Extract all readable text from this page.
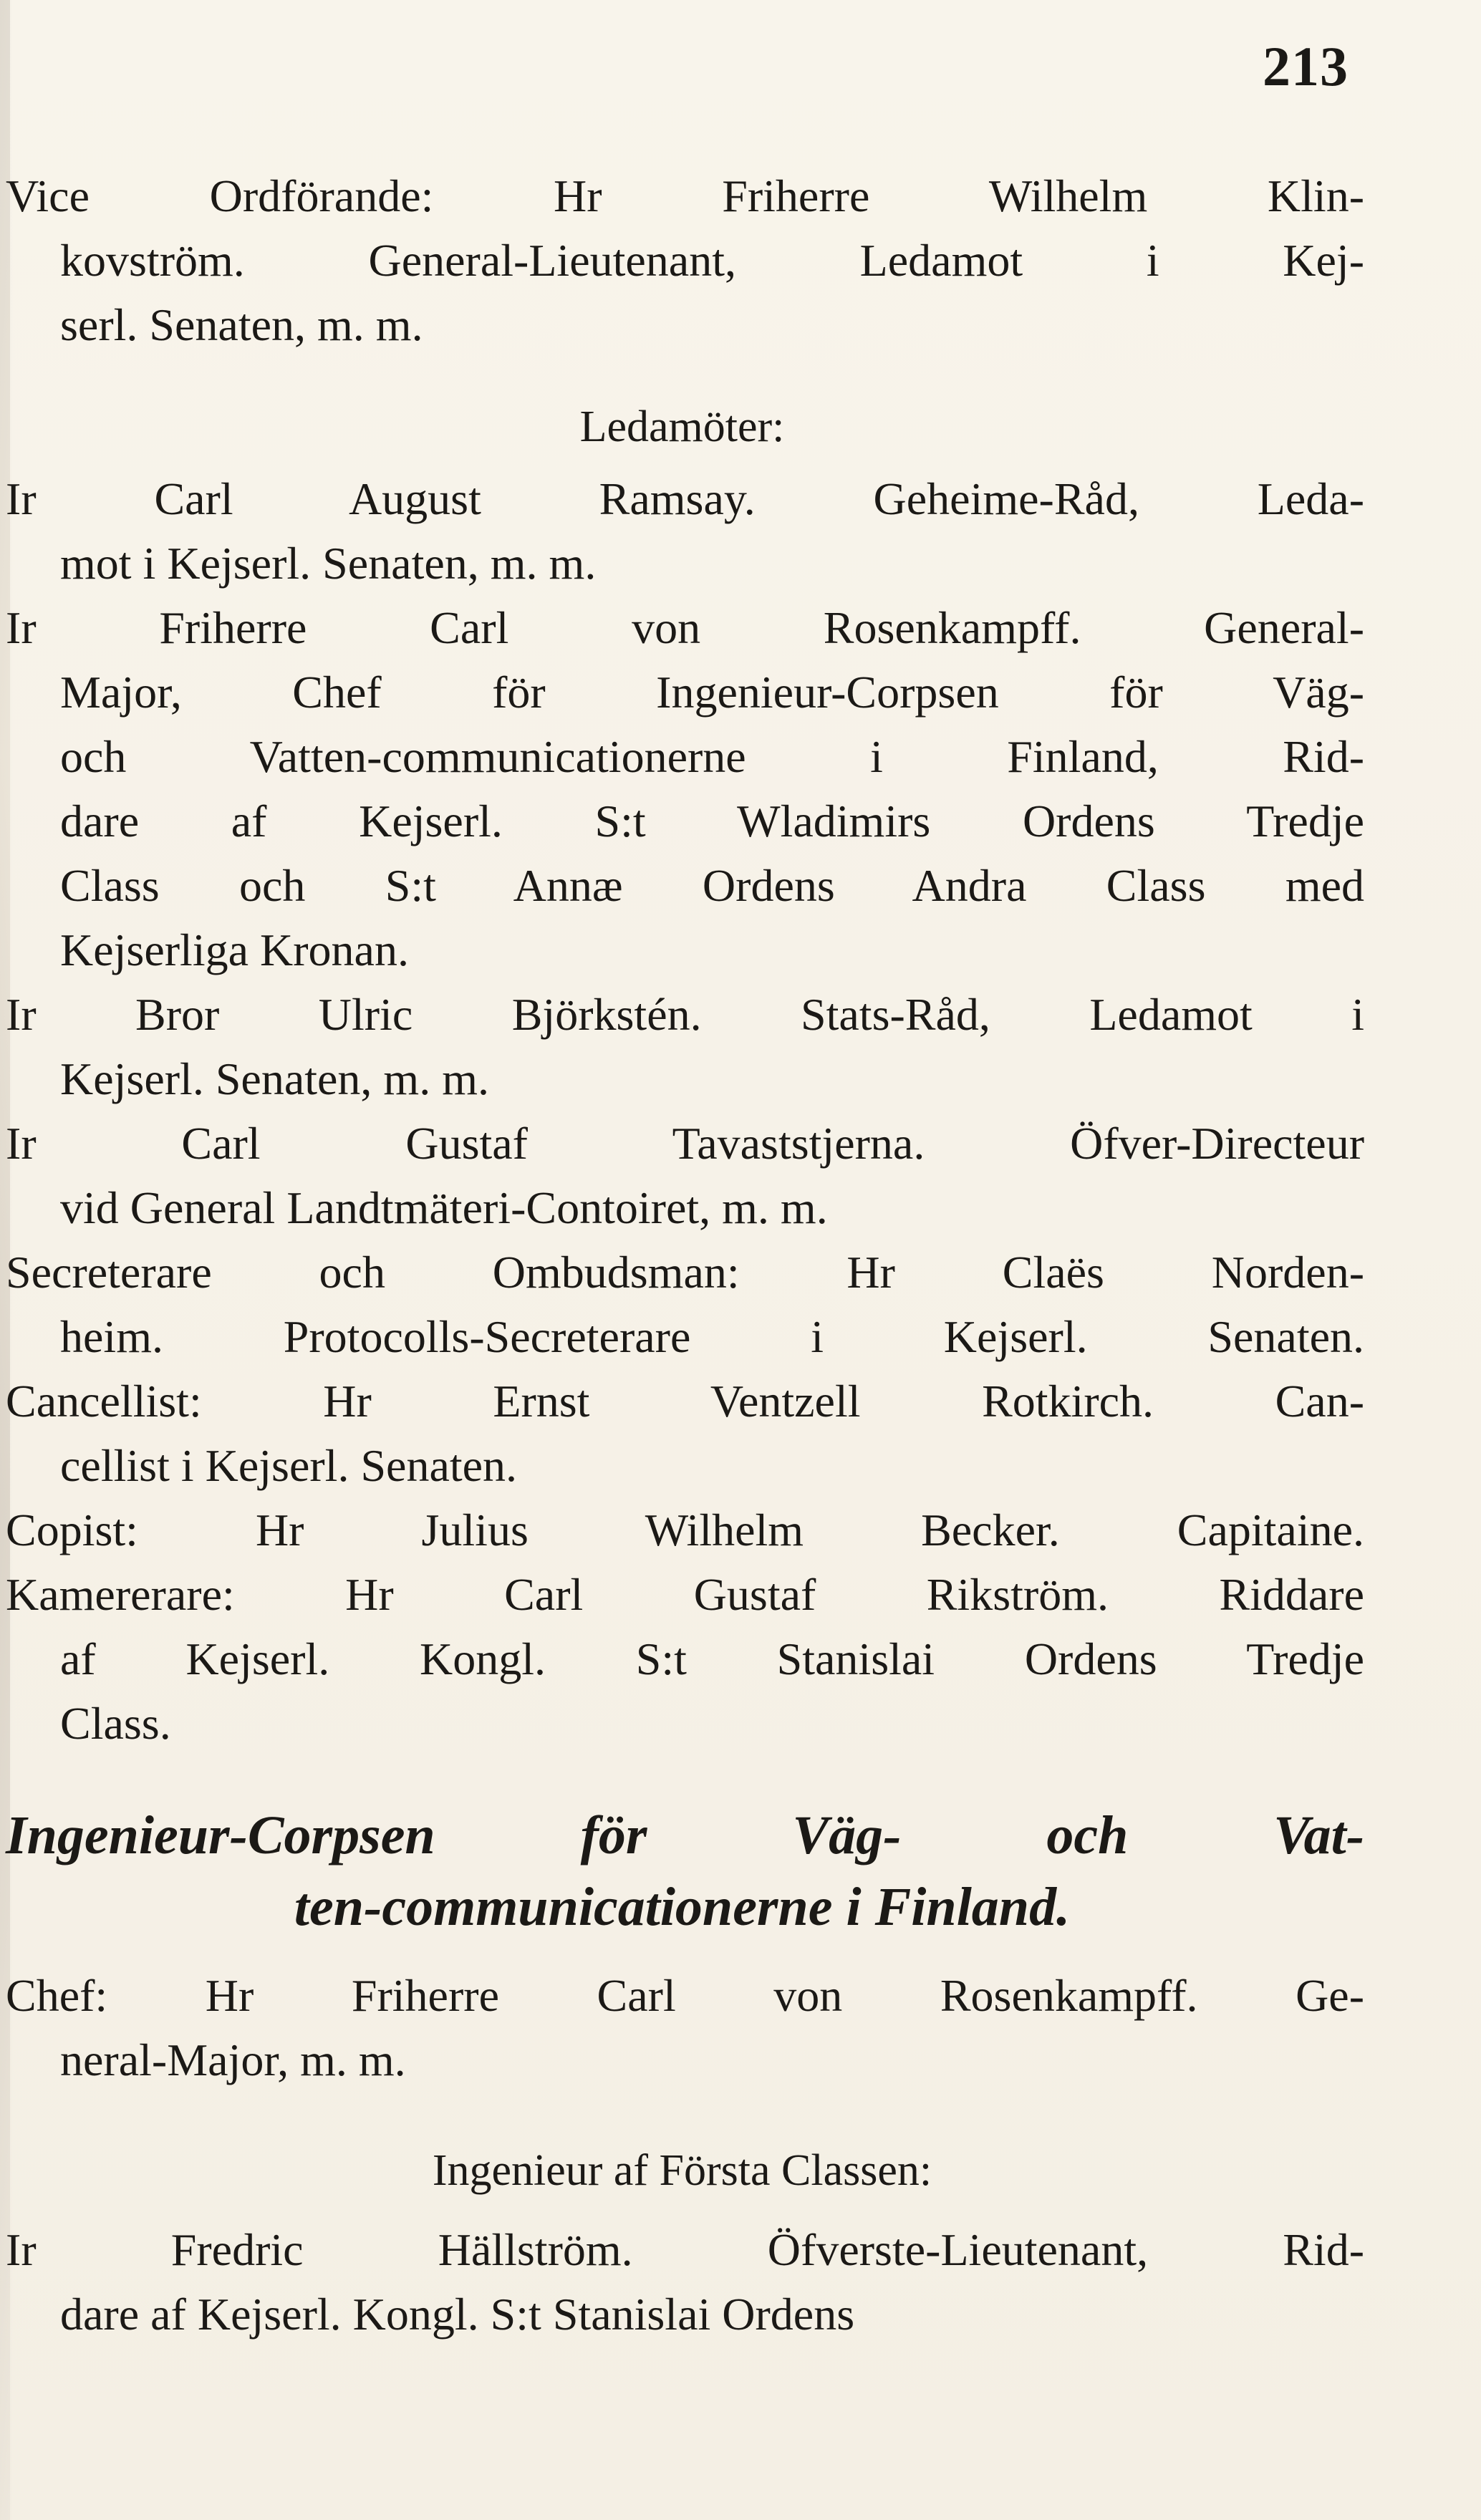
213
Vice Ordförande: Hr Friherre Wilhelm Klin-
kovström. General-Lieutenant, Ledamot i Kej-
serl. Senaten, m. m.
Ledamöter:
Ir Carl August Ramsay. Geheime-Råd, Leda-
mot i Kejserl. Senaten, m. m.
Ir Friherre Carl von Rosenkampff. General-
Major, Chef för Ingenieur-Corpsen för Väg-
och Vatten-communicationerne i Finland, Rid-
dare af Kejserl. S:t Wladimirs Ordens Tredje
Class och S:t Annæ Ordens Andra Class med
Kejserliga Kronan.
Ir Bror Ulric Björkstén. Stats-Råd, Ledamot i
Kejserl. Senaten, m. m.
Ir Carl Gustaf Tavaststjerna. Öfver-Directeur
vid General Landtmäteri-Contoiret, m. m.
Secreterare och Ombudsman: Hr Claës Norden-
heim. Protocolls-Secreterare i Kejserl. Senaten.
Cancellist: Hr Ernst Ventzell Rotkirch. Can-
cellist i Kejserl. Senaten.
Copist: Hr Julius Wilhelm Becker. Capitaine.
Kamererare: Hr Carl Gustaf Rikström. Riddare
af Kejserl. Kongl. S:t Stanislai Ordens Tredje
Class.
Ingenieur-Corpsen för Väg- och Vat-
ten-communicationerne i Finland.
Chef: Hr Friherre Carl von Rosenkampff. Ge-
neral-Major, m. m.
Ingenieur af Första Classen:
Ir Fredric Hällström. Öfverste-Lieutenant, Rid-
dare af Kejserl. Kongl. S:t Stanislai Ordens
